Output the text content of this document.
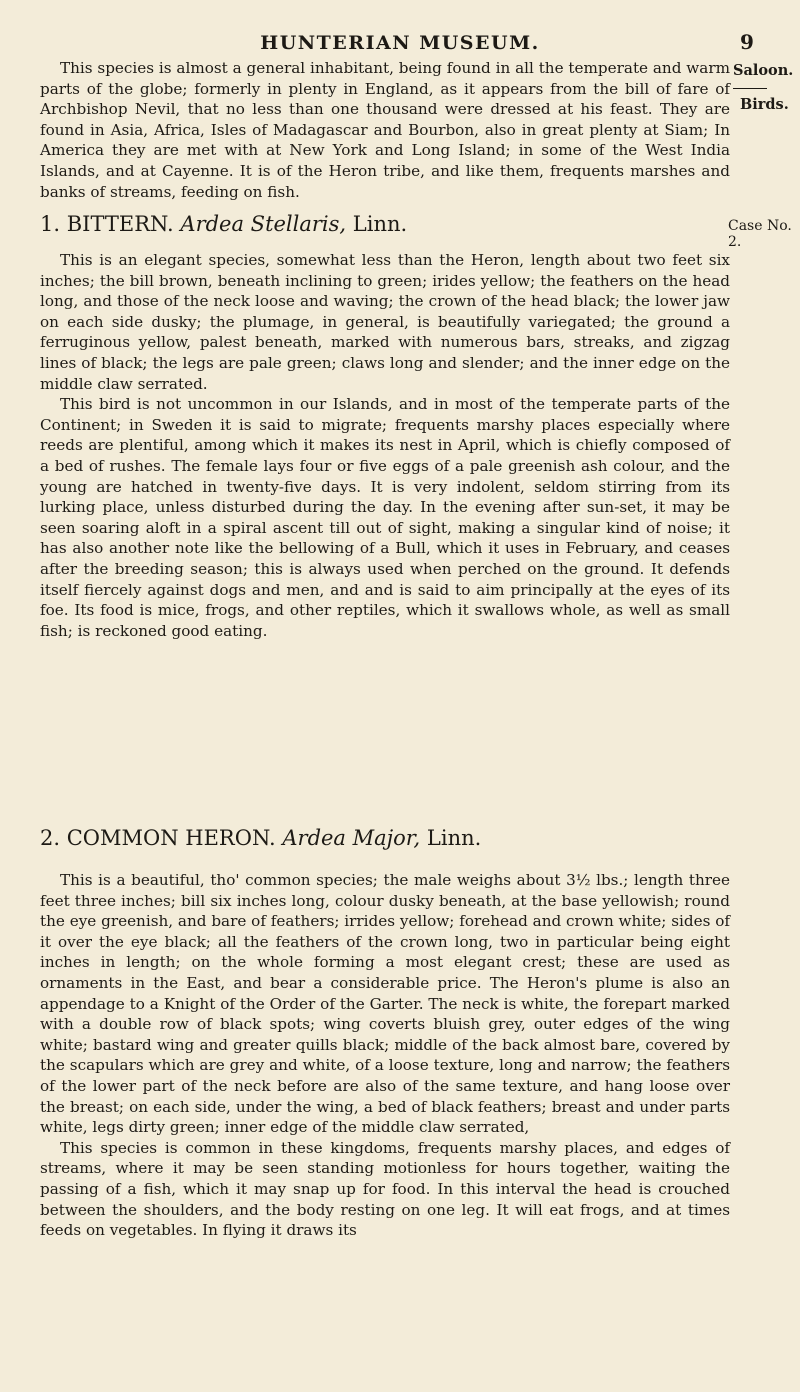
HUNTERIAN MUSEUM.	9
Saloon.
Birds.

This species is almost a general inhabitant, being found in all the temperate and warm parts of the globe; formerly in plenty in England, as it appears from the bill of fare of Archbishop Nevil, that no less than one thousand were dressed at his feast. They are found in Asia, Africa, Isles of Madagascar and Bourbon, also in great plenty at Siam; In America they are met with at New York and Long Island; in some of the West India Islands, and at Cayenne. It is of the Heron tribe, and like them, frequents marshes and banks of streams, feeding on fish.

1. BITTERN. Ardea Stellaris, Linn.	Case No. 2.

This is an elegant species, somewhat less than the Heron, length about two feet six inches; the bill brown, beneath inclining to green; irides yellow; the feathers on the head long, and those of the neck loose and waving; the crown of the head black; the lower jaw on each side dusky; the plumage, in general, is beautifully variegated; the ground a ferruginous yellow, palest beneath, marked with numerous bars, streaks, and zigzag lines of black; the legs are pale green; claws long and slender; and the inner edge on the middle claw serrated.

This bird is not uncommon in our Islands, and in most of the temperate parts of the Continent; in Sweden it is said to migrate; frequents marshy places especially where reeds are plentiful, among which it makes its nest in April, which is chiefly composed of a bed of rushes. The female lays four or five eggs of a pale greenish ash colour, and the young are hatched in twenty-five days. It is very indolent, seldom stirring from its lurking place, unless disturbed during the day. In the evening after sun-set, it may be seen soaring aloft in a spiral ascent till out of sight, making a singular kind of noise; it has also another note like the bellowing of a Bull, which it uses in February, and ceases after the breeding season; this is always used when perched on the ground. It defends itself fiercely against dogs and men, and and is said to aim principally at the eyes of its foe. Its food is mice, frogs, and other reptiles, which it swallows whole, as well as small fish; is reckoned good eating.

2. COMMON HERON. Ardea Major, Linn.

This is a beautiful, tho' common species; the male weighs about 3½ lbs.; length three feet three inches; bill six inches long, colour dusky beneath, at the base yellowish; round the eye greenish, and bare of feathers; irrides yellow; forehead and crown white; sides of it over the eye black; all the feathers of the crown long, two in particular being eight inches in length; on the whole forming a most elegant crest; these are used as ornaments in the East, and bear a considerable price. The Heron's plume is also an appendage to a Knight of the Order of the Garter. The neck is white, the forepart marked with a double row of black spots; wing coverts bluish grey, outer edges of the wing white; bastard wing and greater quills black; middle of the back almost bare, covered by the scapulars which are grey and white, of a loose texture, long and narrow; the feathers of the lower part of the neck before are also of the same texture, and hang loose over the breast; on each side, under the wing, a bed of black feathers; breast and under parts white, legs dirty green; inner edge of the middle claw serrated,

This species is common in these kingdoms, frequents marshy places, and edges of streams, where it may be seen standing motionless for hours together, waiting the passing of a fish, which it may snap up for food. In this interval the head is crouched between the shoulders, and the body resting on one leg. It will eat frogs, and at times feeds on vegetables. In flying it draws its
